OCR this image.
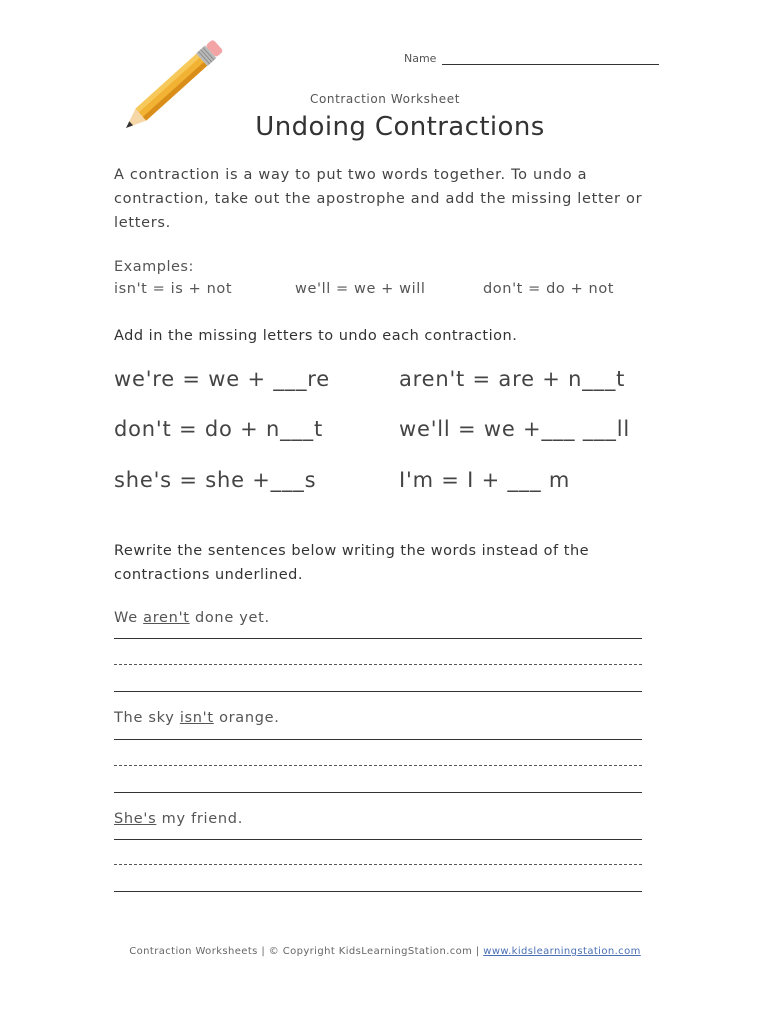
Name
Contraction Worksheet
Undoing Contractions
A contraction is a way to put two words together. To undo a contraction, take out the apostrophe and add the missing letter or letters.
Examples:
isn't = is + not	we'll = we + will	don't = do + not
Add in the missing letters to undo each contraction.
we're = we + ___re	aren't = are + n___t
don't = do + n___t	we'll = we +___ ___ll
she's = she +___s	I'm = I + ___ m
Rewrite the sentences below writing the words instead of the contractions underlined.
We aren't done yet.
The sky isn't orange.
She's my friend.
Contraction Worksheets | © Copyright KidsLearningStation.com | www.kidslearningstation.com
